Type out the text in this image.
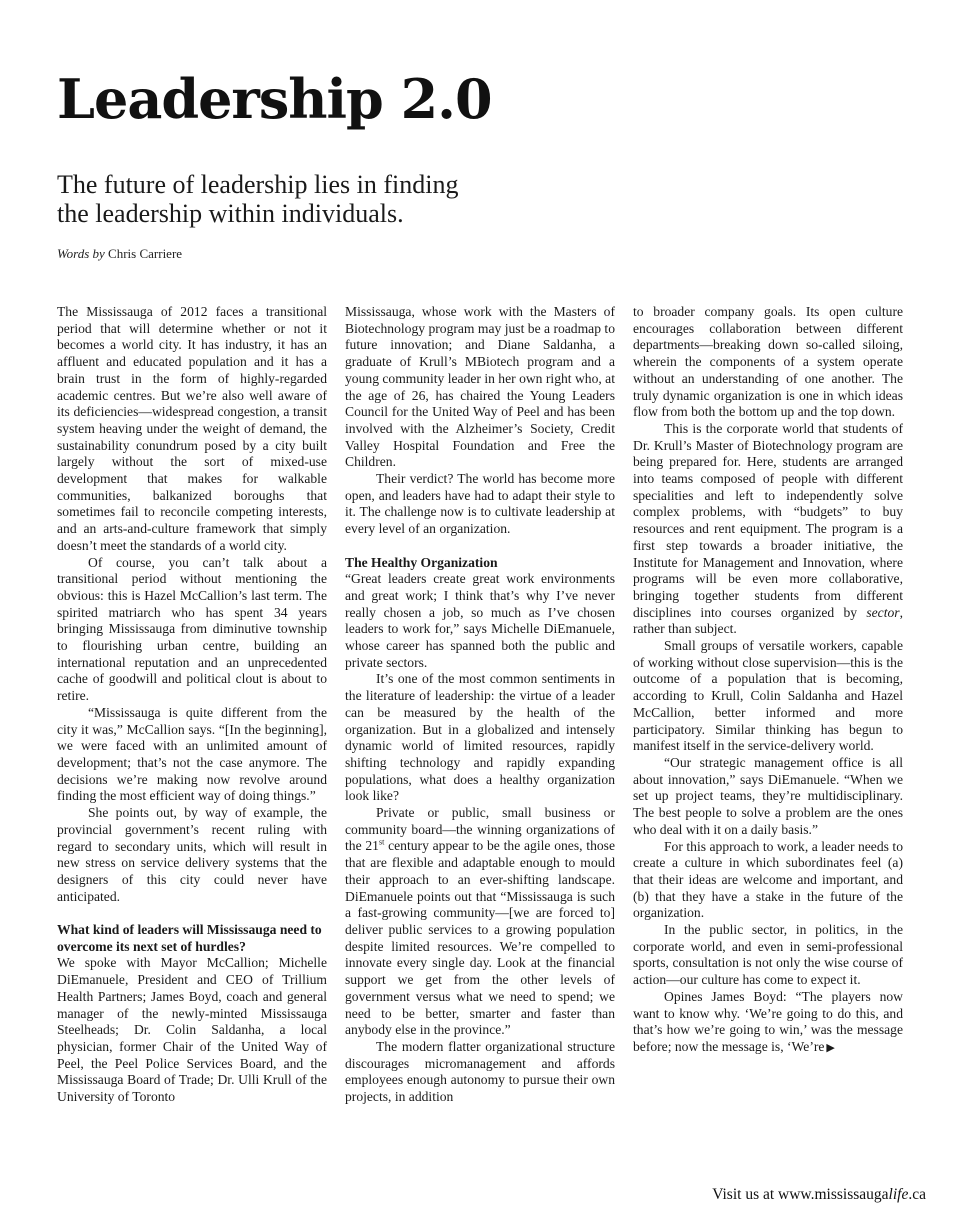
Leadership 2.0
The future of leadership lies in finding
the leadership within individuals.
Words by Chris Carriere

The Mississauga of 2012 faces a transitional period that will determine whether or not it becomes a world city. It has industry, it has an affluent and educated population and it has a brain trust in the form of highly-regarded academic centres. But we’re also well aware of its deficiencies—widespread congestion, a transit system heaving under the weight of demand, the sustainability conundrum posed by a city built largely without the sort of mixed-use development that makes for walkable communities, balkanized boroughs that sometimes fail to reconcile competing interests, and an arts-and-culture framework that simply doesn’t meet the standards of a world city.

Of course, you can’t talk about a transitional period without mentioning the obvious: this is Hazel McCallion’s last term. The spirited matriarch who has spent 34 years bringing Mississauga from diminutive township to flourishing urban centre, building an international reputation and an unprecedented cache of goodwill and political clout is about to retire.

“Mississauga is quite different from the city it was,” McCallion says. “[In the beginning], we were faced with an unlimited amount of development; that’s not the case anymore. The decisions we’re making now revolve around finding the most efficient way of doing things.”

She points out, by way of example, the provincial government’s recent ruling with regard to secondary units, which will result in new stress on service delivery systems that the designers of this city could never have anticipated.

What kind of leaders will Mississauga need to overcome its next set of hurdles?

We spoke with Mayor McCallion; Michelle DiEmanuele, President and CEO of Trillium Health Partners; James Boyd, coach and general manager of the newly-minted Mississauga Steelheads; Dr. Colin Saldanha, a local physician, former Chair of the United Way of Peel, the Peel Police Services Board, and the Mississauga Board of Trade; Dr. Ulli Krull of the University of Toronto

Mississauga, whose work with the Masters of Biotechnology program may just be a roadmap to future innovation; and Diane Saldanha, a graduate of Krull’s MBiotech program and a young community leader in her own right who, at the age of 26, has chaired the Young Leaders Council for the United Way of Peel and has been involved with the Alzheimer’s Society, Credit Valley Hospital Foundation and Free the Children.

Their verdict? The world has become more open, and leaders have had to adapt their style to it. The challenge now is to cultivate leadership at every level of an organization.

The Healthy Organization

“Great leaders create great work environments and great work; I think that’s why I’ve never really chosen a job, so much as I’ve chosen leaders to work for,” says Michelle DiEmanuele, whose career has spanned both the public and private sectors.

It’s one of the most common sentiments in the literature of leadership: the virtue of a leader can be measured by the health of the organization. But in a globalized and intensely dynamic world of limited resources, rapidly shifting technology and rapidly expanding populations, what does a healthy organization look like?

Private or public, small business or community board—the winning organizations of the 21st century appear to be the agile ones, those that are flexible and adaptable enough to mould their approach to an ever-shifting landscape. DiEmanuele points out that “Mississauga is such a fast-growing community—[we are forced to] deliver public services to a growing population despite limited resources. We’re compelled to innovate every single day. Look at the financial support we get from the other levels of government versus what we need to spend; we need to be better, smarter and faster than anybody else in the province.”

The modern flatter organizational structure discourages micromanagement and affords employees enough autonomy to pursue their own projects, in addition

to broader company goals. Its open culture encourages collaboration between different departments—breaking down so-called siloing, wherein the components of a system operate without an understanding of one another. The truly dynamic organization is one in which ideas flow from both the bottom up and the top down.

This is the corporate world that students of Dr. Krull’s Master of Biotechnology program are being prepared for. Here, students are arranged into teams composed of people with different specialities and left to independently solve complex problems, with “budgets” to buy resources and rent equipment. The program is a first step towards a broader initiative, the Institute for Management and Innovation, where programs will be even more collaborative, bringing together students from different disciplines into courses organized by sector, rather than subject.

Small groups of versatile workers, capable of working without close supervision—this is the outcome of a population that is becoming, according to Krull, Colin Saldanha and Hazel McCallion, better informed and more participatory. Similar thinking has begun to manifest itself in the service-delivery world.

“Our strategic management office is all about innovation,” says DiEmanuele. “When we set up project teams, they’re multidisciplinary. The best people to solve a problem are the ones who deal with it on a daily basis.”

For this approach to work, a leader needs to create a culture in which subordinates feel (a) that their ideas are welcome and important, and (b) that they have a stake in the future of the organization.

In the public sector, in politics, in the corporate world, and even in semi-professional sports, consultation is not only the wise course of action—our culture has come to expect it.

Opines James Boyd: “The players now want to know why. ‘We’re going to do this, and that’s how we’re going to win,’ was the message before; now the message is, ‘We’re ▶

Visit us at www.mississaugalife.ca
